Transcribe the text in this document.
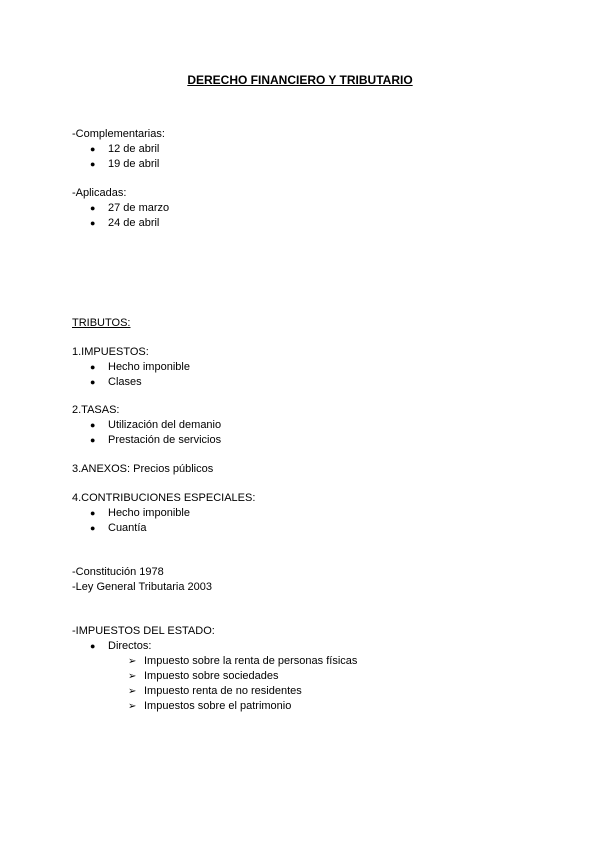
DERECHO FINANCIERO Y TRIBUTARIO
-Complementarias:
● 12 de abril
● 19 de abril
-Aplicadas:
● 27 de marzo
● 24 de abril
TRIBUTOS:
1.IMPUESTOS:
● Hecho imponible
● Clases
2.TASAS:
● Utilización del demanio
● Prestación de servicios
3.ANEXOS: Precios públicos
4.CONTRIBUCIONES ESPECIALES:
● Hecho imponible
● Cuantía
-Constitución 1978
-Ley General Tributaria 2003
-IMPUESTOS DEL ESTADO:
● Directos:
➢ Impuesto sobre la renta de personas físicas
➢ Impuesto sobre sociedades
➢ Impuesto renta de no residentes
➢ Impuestos sobre el patrimonio
